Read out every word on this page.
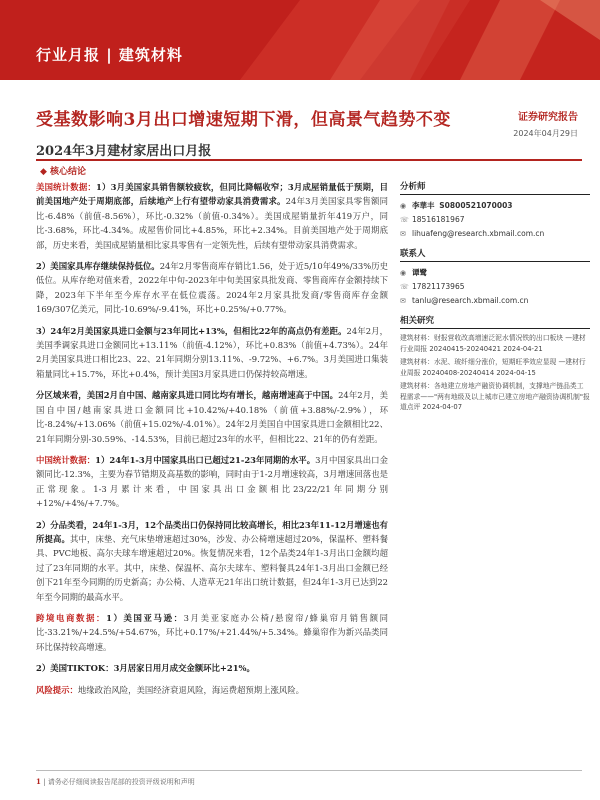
行业月报 | 建筑材料
受基数影响3月出口增速短期下滑，但高景气趋势不变
2024年3月建材家居出口月报
证券研究报告
2024年04月29日
◆ 核心结论

美国统计数据：1）3月美国家具销售额较疲软，但同比降幅收窄；3月成屋销量低于预期，目前美国地产处于周期底部，后续地产上行有望带动家具消费需求。24年3月美国家具零售额同比-6.48%（前值-8.56%），环比-0.32%（前值-0.34%）。美国成屋销量折年419万户，同比-3.68%，环比-4.34%。成屋售价同比+4.85%，环比+2.34%。目前美国地产处于周期底部，历史来看，美国成屋销量相比家具零售有一定领先性，后续有望带动家具消费需求。

2）美国家具库存继续保持低位。24年2月零售商库存销比1.56，处于近5/10年49%/33%历史低位。从库存绝对值来看，2022年中旬-2023年中旬美国家具批发商、零售商库存金额持续下降，2023年下半年至今库存水平在低位震荡。2024年2月家具批发商/零售商库存金额169/307亿美元，同比-10.69%/-9.41%，环比+0.25%/+0.77%。

3）24年2月美国家具进口金额与23年同比+13%，但相比22年的高点仍有差距。24年2月，美国季调家具进口金额同比+13.11%（前值-4.12%），环比+0.83%（前值+4.73%）。24年2月美国家具进口相比23、22、21年同期分别13.11%、-9.72%、+6.7%。3月美国进口集装箱量同比+15.7%，环比+0.4%，预计美国3月家具进口仍保持较高增速。

分区域来看，美国2月自中国、越南家具进口同比均有增长，越南增速高于中国。24年2月，美国自中国/越南家具进口金额同比+10.42%/+40.18%（前值+3.88%/-2.9%），环比-8.24%/+13.06%（前值+15.02%/-4.01%）。24年2月美国自中国家具进口金额相比22、21年同期分别-30.59%、-14.53%，目前已超过23年的水平，但相比22、21年的仍有差距。

中国统计数据：1）24年1-3月中国家具出口已超过21-23年同期的水平。3月中国家具出口金额同比-12.3%，主要为春节错期及高基数的影响，同时由于1-2月增速较高，3月增速回落也是正常现象。1-3月累计来看，中国家具出口金额相比23/22/21年同期分别+12%/+4%/+7.7%。

2）分品类看，24年1-3月，12个品类出口仍保持同比较高增长，相比23年11-12月增速也有所提高。其中，床垫、充气床垫增速超过30%，沙发、办公椅增速超过20%，保温杯、塑料餐具、PVC地板、高尔夫球车增速超过20%。恢复情况来看，12个品类24年1-3月出口金额均超过了23年同期的水平。其中，床垫、保温杯、高尔夫球车、塑料餐具24年1-3月出口金额已经创下21年至今同期的历史新高；办公椅、人造草无21年出口统计数据，但24年1-3月已达到22年至今同期的最高水平。

跨境电商数据：1）美国亚马逊：3月美亚家庭办公椅/悬窗帘/蜂巢帘月销售额同比-33.21%/+24.5%/+54.67%，环比+0.17%/+21.44%/+5.34%。蜂巢帘作为新兴品类同环比保持较高增速。

2）美国TIKTOK：3月居家日用月成交金额环比+21%。

风险提示：地缘政治风险，美国经济衰退风险，海运费超预期上涨风险。

分析师
◉ 李華丰 S0800521070003
☏ 18516181967
✉ lihuafeng@research.xbmail.com.cn
联系人
◉ 谭鹭
☏ 17821173965
✉ tanlu@research.xbmail.com.cn
相关研究
建筑材料：财报营收改高增速泛泥水情况铁的出口板块 —建材行业周报 20240415-20240421 2024-04-21
建筑材料：水泥、玻纤细分涨价，短期旺季效应显现 —建材行业周报 20240408-20240414 2024-04-15
建筑材料：各地建立房地产融资协调机制，支撑地产链品类工程需求——"两有地级及以上城市已建立房地产融资协调机制"报道点评 2024-04-07
1 | 请务必仔细阅读报告尾部的投资评级说明和声明
